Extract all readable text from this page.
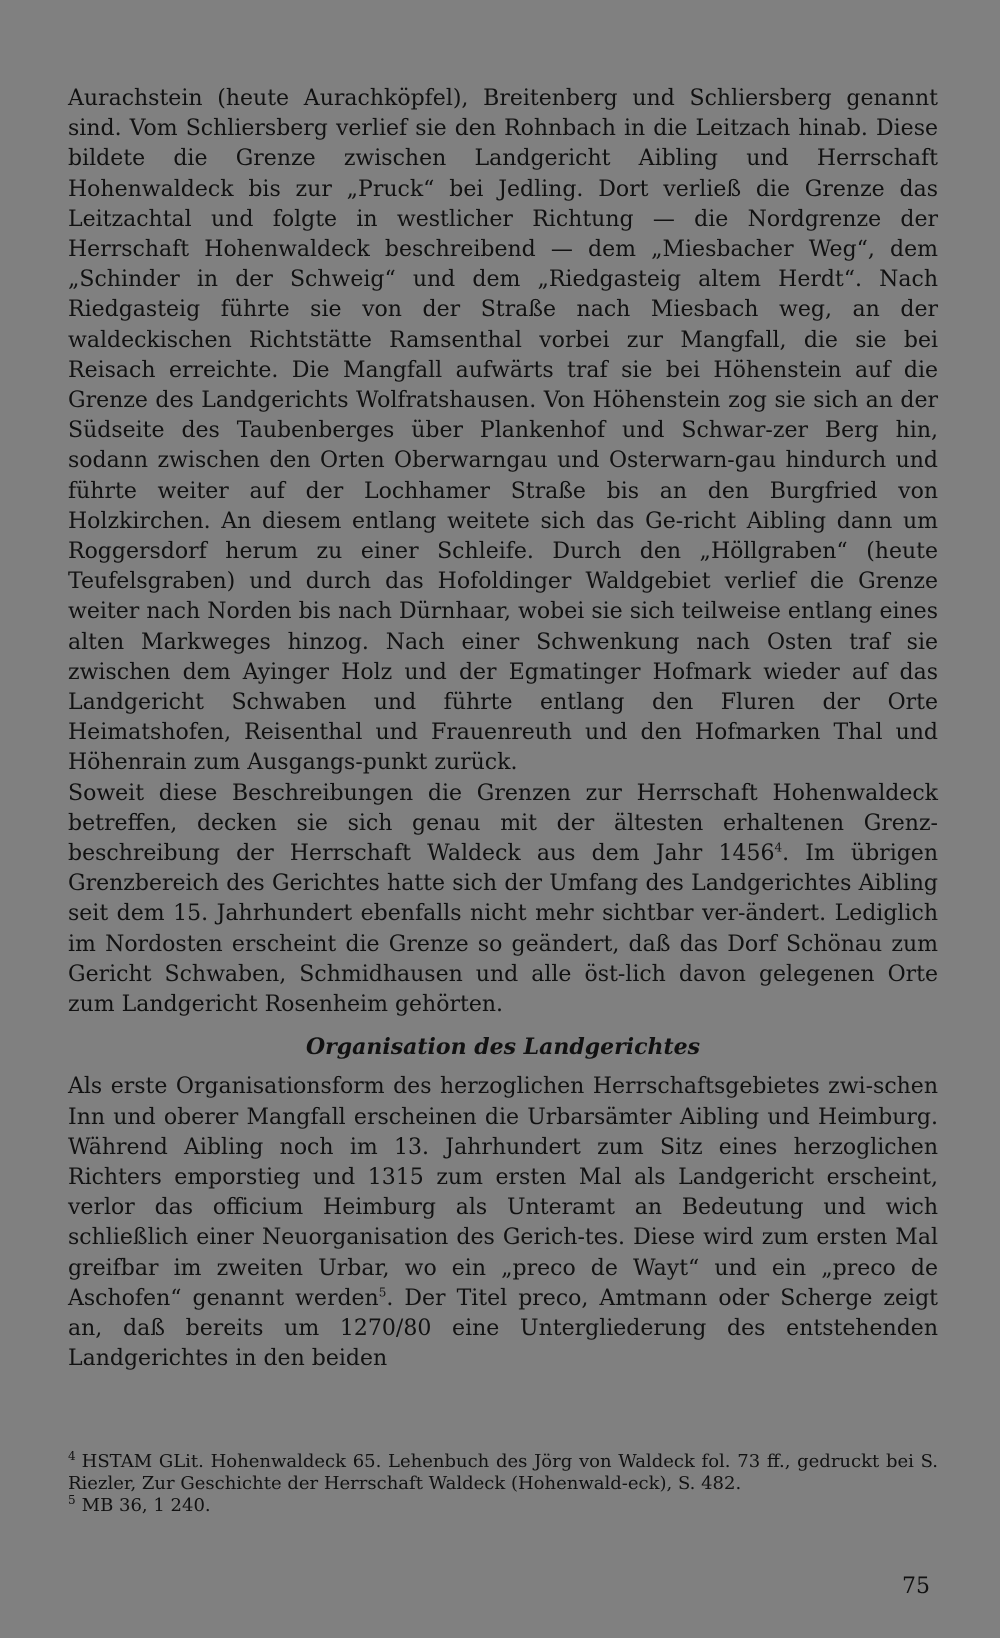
Aurachstein (heute Aurachköpfel), Breitenberg und Schliersberg genannt sind. Vom Schliersberg verlief sie den Rohnbach in die Leitzach hinab. Diese bildete die Grenze zwischen Landgericht Aibling und Herrschaft Hohenwaldeck bis zur „Pruck“ bei Jedling. Dort verließ die Grenze das Leitzachtal und folgte in westlicher Richtung — die Nordgrenze der Herrschaft Hohenwaldeck beschreibend — dem „Miesbacher Weg“, dem „Schinder in der Schweig“ und dem „Riedgasteig altem Herdt“. Nach Riedgasteig führte sie von der Straße nach Miesbach weg, an der waldeckischen Richtstätte Ramsenthal vorbei zur Mangfall, die sie bei Reisach erreichte. Die Mangfall aufwärts traf sie bei Höhenstein auf die Grenze des Landgerichts Wolfratshausen. Von Höhenstein zog sie sich an der Südseite des Taubenberges über Plankenhof und Schwar-zer Berg hin, sodann zwischen den Orten Oberwarngau und Osterwarn-gau hindurch und führte weiter auf der Lochhamer Straße bis an den Burgfried von Holzkirchen. An diesem entlang weitete sich das Ge-richt Aibling dann um Roggersdorf herum zu einer Schleife. Durch den „Höllgraben“ (heute Teufelsgraben) und durch das Hofoldinger Waldgebiet verlief die Grenze weiter nach Norden bis nach Dürnhaar, wobei sie sich teilweise entlang eines alten Markweges hinzog. Nach einer Schwenkung nach Osten traf sie zwischen dem Ayinger Holz und der Egmatinger Hofmark wieder auf das Landgericht Schwaben und führte entlang den Fluren der Orte Heimatshofen, Reisenthal und Frauenreuth und den Hofmarken Thal und Höhenrain zum Ausgangs-punkt zurück.

Soweit diese Beschreibungen die Grenzen zur Herrschaft Hohenwaldeck betreffen, decken sie sich genau mit der ältesten erhaltenen Grenz-beschreibung der Herrschaft Waldeck aus dem Jahr 1456$^4$. Im übrigen Grenzbereich des Gerichtes hatte sich der Umfang des Landgerichtes Aibling seit dem 15. Jahrhundert ebenfalls nicht mehr sichtbar ver-ändert. Lediglich im Nordosten erscheint die Grenze so geändert, daß das Dorf Schönau zum Gericht Schwaben, Schmidhausen und alle öst-lich davon gelegenen Orte zum Landgericht Rosenheim gehörten.

Organisation des Landgerichtes

Als erste Organisationsform des herzoglichen Herrschaftsgebietes zwi-schen Inn und oberer Mangfall erscheinen die Urbarsämter Aibling und Heimburg. Während Aibling noch im 13. Jahrhundert zum Sitz eines herzoglichen Richters emporstieg und 1315 zum ersten Mal als Landgericht erscheint, verlor das officium Heimburg als Unteramt an Bedeutung und wich schließlich einer Neuorganisation des Gerich-tes. Diese wird zum ersten Mal greifbar im zweiten Urbar, wo ein „preco de Wayt“ und ein „preco de Aschofen“ genannt werden$^5$. Der Titel preco, Amtmann oder Scherge zeigt an, daß bereits um 1270/80 eine Untergliederung des entstehenden Landgerichtes in den beiden

$^4$ HSTAM GLit. Hohenwaldeck 65. Lehenbuch des Jörg von Waldeck fol. 73 ff., gedruckt bei S. Riezler, Zur Geschichte der Herrschaft Waldeck (Hohenwald-eck), S. 482.

$^5$ MB 36, 1 240.

75
